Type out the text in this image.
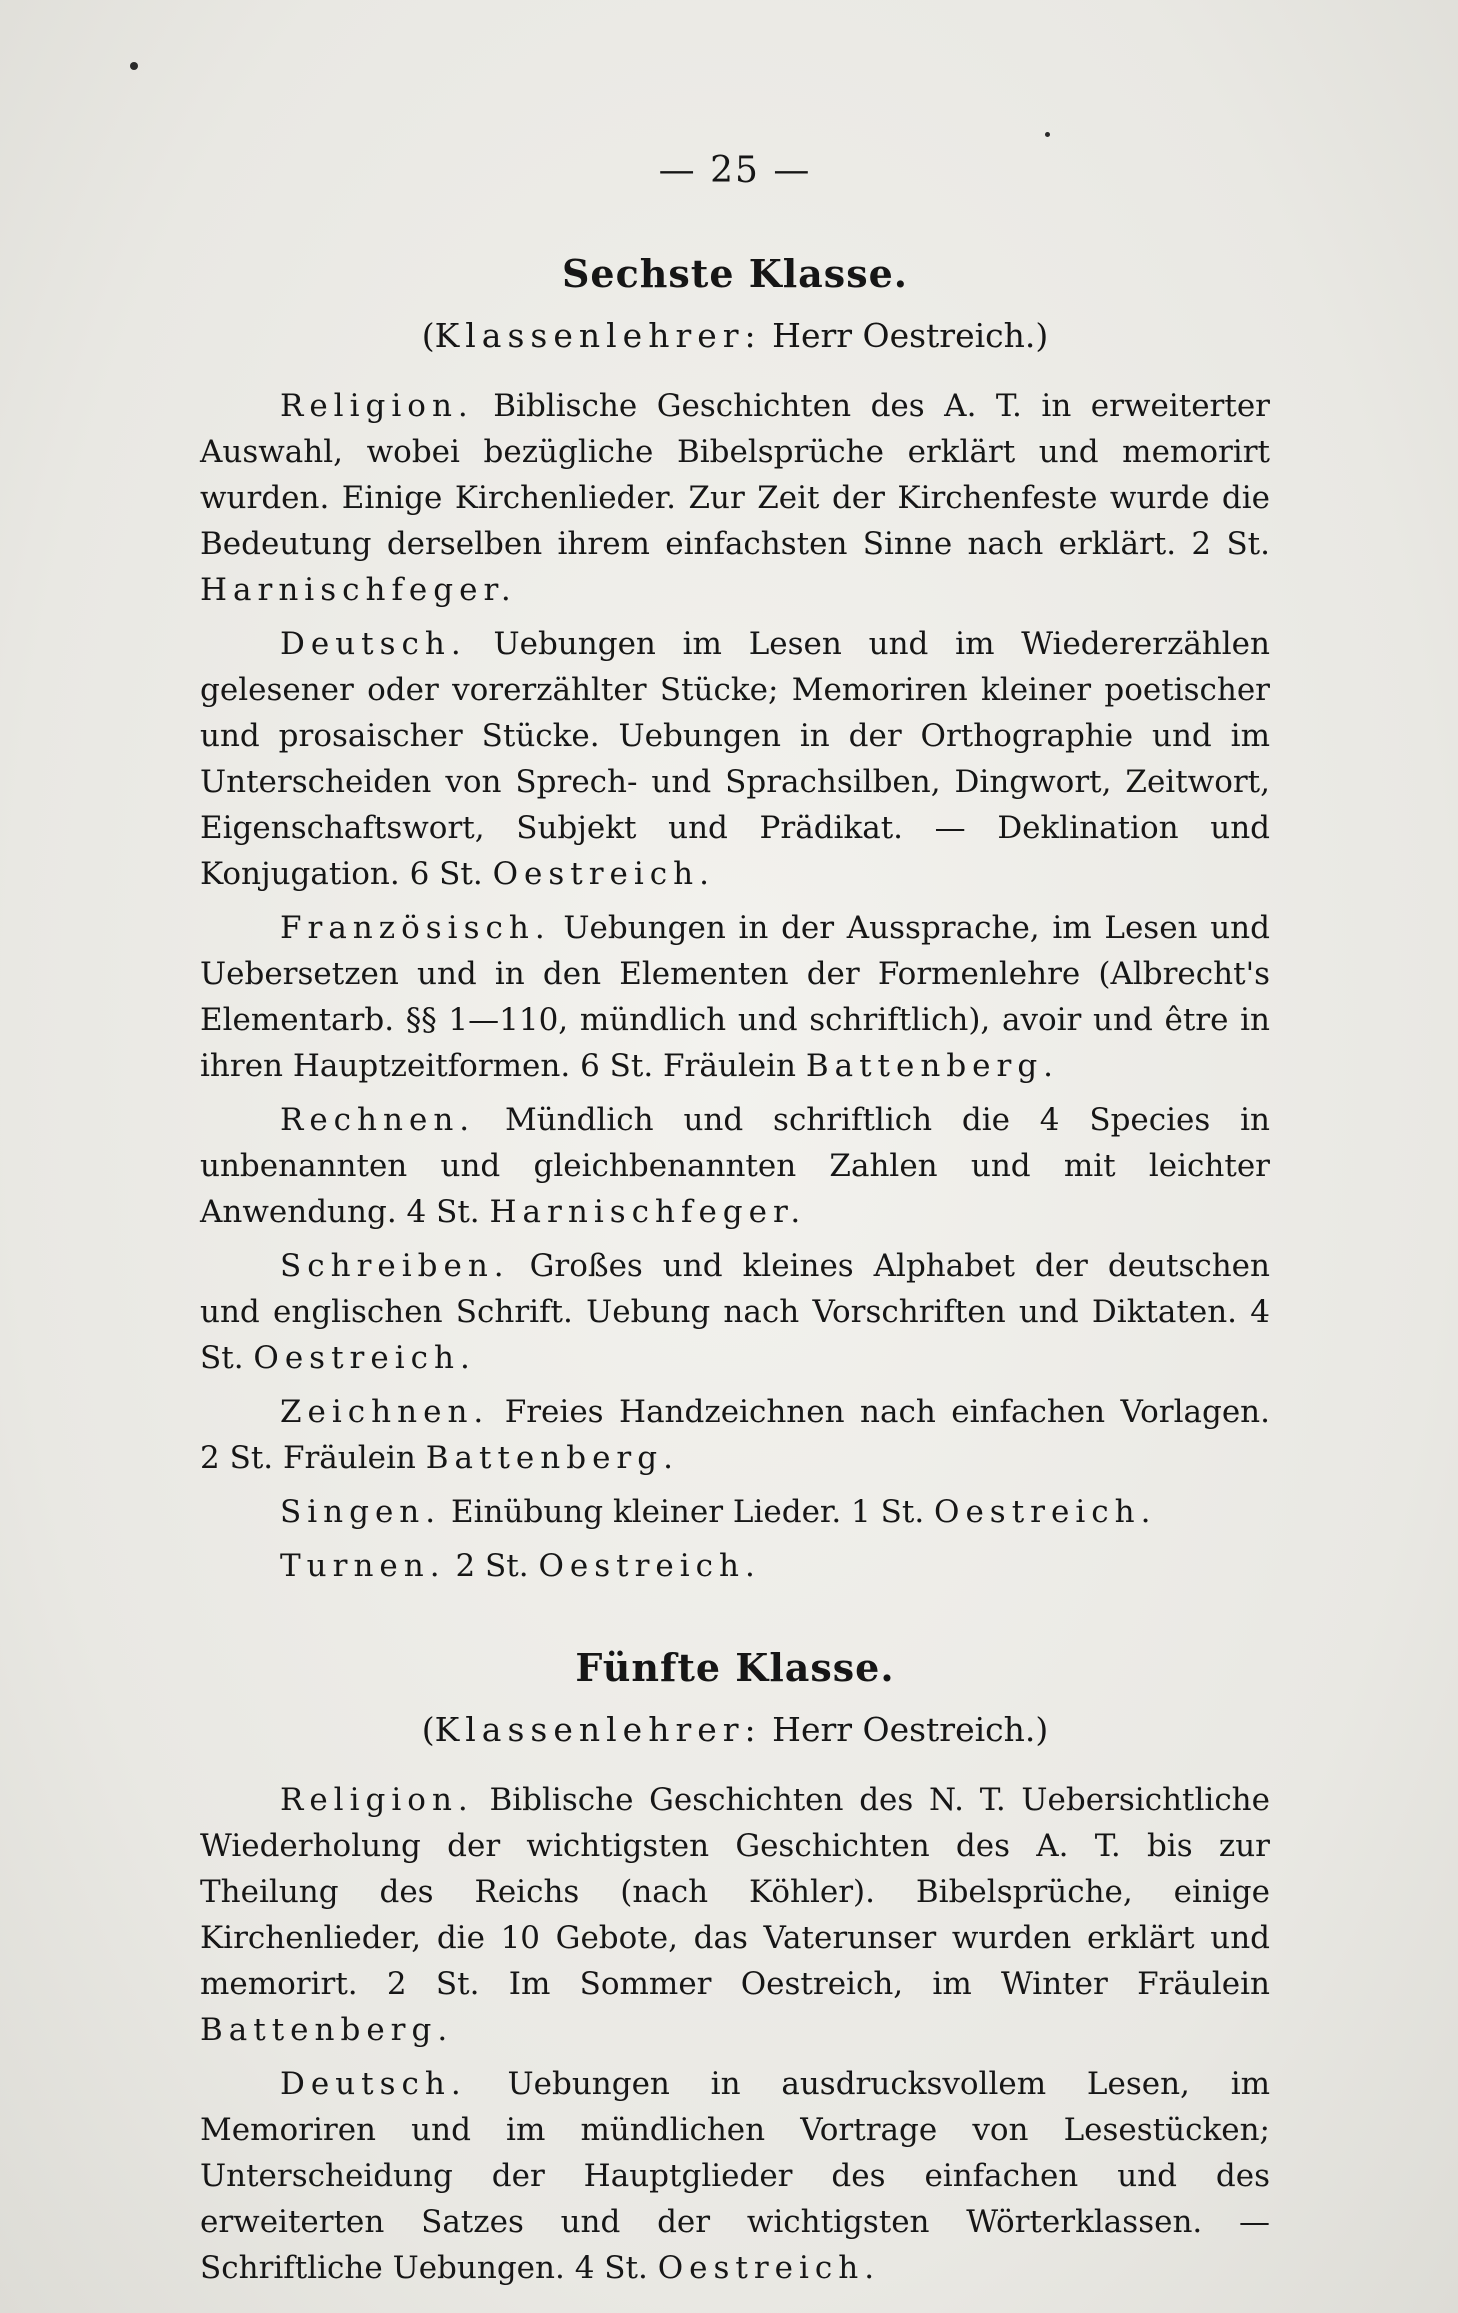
— 25 —
Sechste Klasse.
(Klassenlehrer: Herr Oestreich.)

Religion. Biblische Geschichten des A. T. in erweiterter Auswahl, wobei bezügliche Bibelsprüche erklärt und memorirt wurden. Einige Kirchenlieder. Zur Zeit der Kirchenfeste wurde die Bedeutung derselben ihrem einfachsten Sinne nach erklärt. 2 St. Harnischfeger.

Deutsch. Uebungen im Lesen und im Wiedererzählen gelesener oder vorerzählter Stücke; Memoriren kleiner poetischer und prosaischer Stücke. Uebungen in der Orthographie und im Unterscheiden von Sprech- und Sprachsilben, Dingwort, Zeitwort, Eigenschaftswort, Subjekt und Prädikat. — Deklination und Konjugation. 6 St. Oestreich.

Französisch. Uebungen in der Aussprache, im Lesen und Uebersetzen und in den Elementen der Formenlehre (Albrecht's Elementarb. §§ 1—110, mündlich und schriftlich), avoir und être in ihren Hauptzeitformen. 6 St. Fräulein Battenberg.

Rechnen. Mündlich und schriftlich die 4 Species in unbenannten und gleichbenannten Zahlen und mit leichter Anwendung. 4 St. Harnischfeger.

Schreiben. Großes und kleines Alphabet der deutschen und englischen Schrift. Uebung nach Vorschriften und Diktaten. 4 St. Oestreich.

Zeichnen. Freies Handzeichnen nach einfachen Vorlagen. 2 St. Fräulein Battenberg.

Singen. Einübung kleiner Lieder. 1 St. Oestreich.

Turnen. 2 St. Oestreich.

Fünfte Klasse.
(Klassenlehrer: Herr Oestreich.)

Religion. Biblische Geschichten des N. T. Uebersichtliche Wiederholung der wichtigsten Geschichten des A. T. bis zur Theilung des Reichs (nach Köhler). Bibelsprüche, einige Kirchenlieder, die 10 Gebote, das Vaterunser wurden erklärt und memorirt. 2 St. Im Sommer Oestreich, im Winter Fräulein Battenberg.

Deutsch. Uebungen in ausdrucksvollem Lesen, im Memoriren und im mündlichen Vortrage von Lesestücken; Unterscheidung der Hauptglieder des einfachen und des erweiterten Satzes und der wichtigsten Wörterklassen. — Schriftliche Uebungen. 4 St. Oestreich.
